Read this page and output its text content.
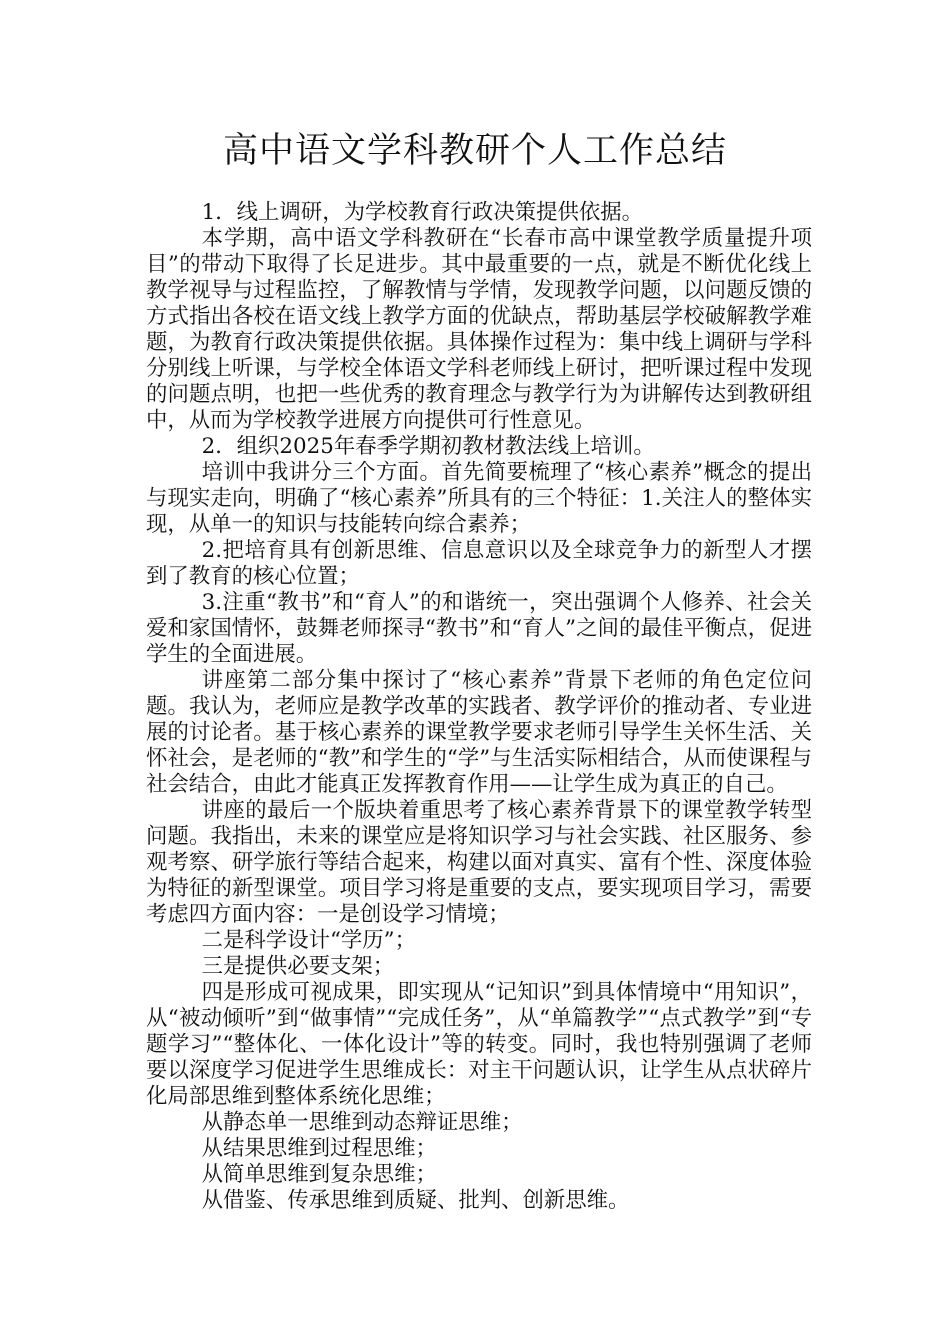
高中语文学科教研个人工作总结

1．线上调研，为学校教育行政决策提供依据。

本学期，高中语文学科教研在“长春市高中课堂教学质量提升项目”的带动下取得了长足进步。其中最重要的一点，就是不断优化线上教学视导与过程监控，了解教情与学情，发现教学问题，以问题反馈的方式指出各校在语文线上教学方面的优缺点，帮助基层学校破解教学难题，为教育行政决策提供依据。具体操作过程为：集中线上调研与学科分别线上听课，与学校全体语文学科老师线上研讨，把听课过程中发现的问题点明，也把一些优秀的教育理念与教学行为为讲解传达到教研组中，从而为学校教学进展方向提供可行性意见。

2．组织2025年春季学期初教材教法线上培训。

培训中我讲分三个方面。首先简要梳理了“核心素养”概念的提出与现实走向，明确了“核心素养”所具有的三个特征：1.关注人的整体实现，从单一的知识与技能转向综合素养；

2.把培育具有创新思维、信息意识以及全球竞争力的新型人才摆到了教育的核心位置；

3.注重“教书”和“育人”的和谐统一，突出强调个人修养、社会关爱和家国情怀，鼓舞老师探寻“教书”和“育人”之间的最佳平衡点，促进学生的全面进展。

讲座第二部分集中探讨了“核心素养”背景下老师的角色定位问题。我认为，老师应是教学改革的实践者、教学评价的推动者、专业进展的讨论者。基于核心素养的课堂教学要求老师引导学生关怀生活、关怀社会，是老师的“教”和学生的“学”与生活实际相结合，从而使课程与社会结合，由此才能真正发挥教育作用——让学生成为真正的自己。

讲座的最后一个版块着重思考了核心素养背景下的课堂教学转型问题。我指出，未来的课堂应是将知识学习与社会实践、社区服务、参观考察、研学旅行等结合起来，构建以面对真实、富有个性、深度体验为特征的新型课堂。项目学习将是重要的支点，要实现项目学习，需要考虑四方面内容：一是创设学习情境；

二是科学设计“学历”；

三是提供必要支架；

四是形成可视成果，即实现从“记知识”到具体情境中“用知识”，从“被动倾听”到“做事情”“完成任务”，从“单篇教学”“点式教学”到“专题学习”“整体化、一体化设计”等的转变。同时，我也特别强调了老师要以深度学习促进学生思维成长：对主干问题认识，让学生从点状碎片化局部思维到整体系统化思维；

从静态单一思维到动态辩证思维；

从结果思维到过程思维；

从简单思维到复杂思维；

从借鉴、传承思维到质疑、批判、创新思维。
